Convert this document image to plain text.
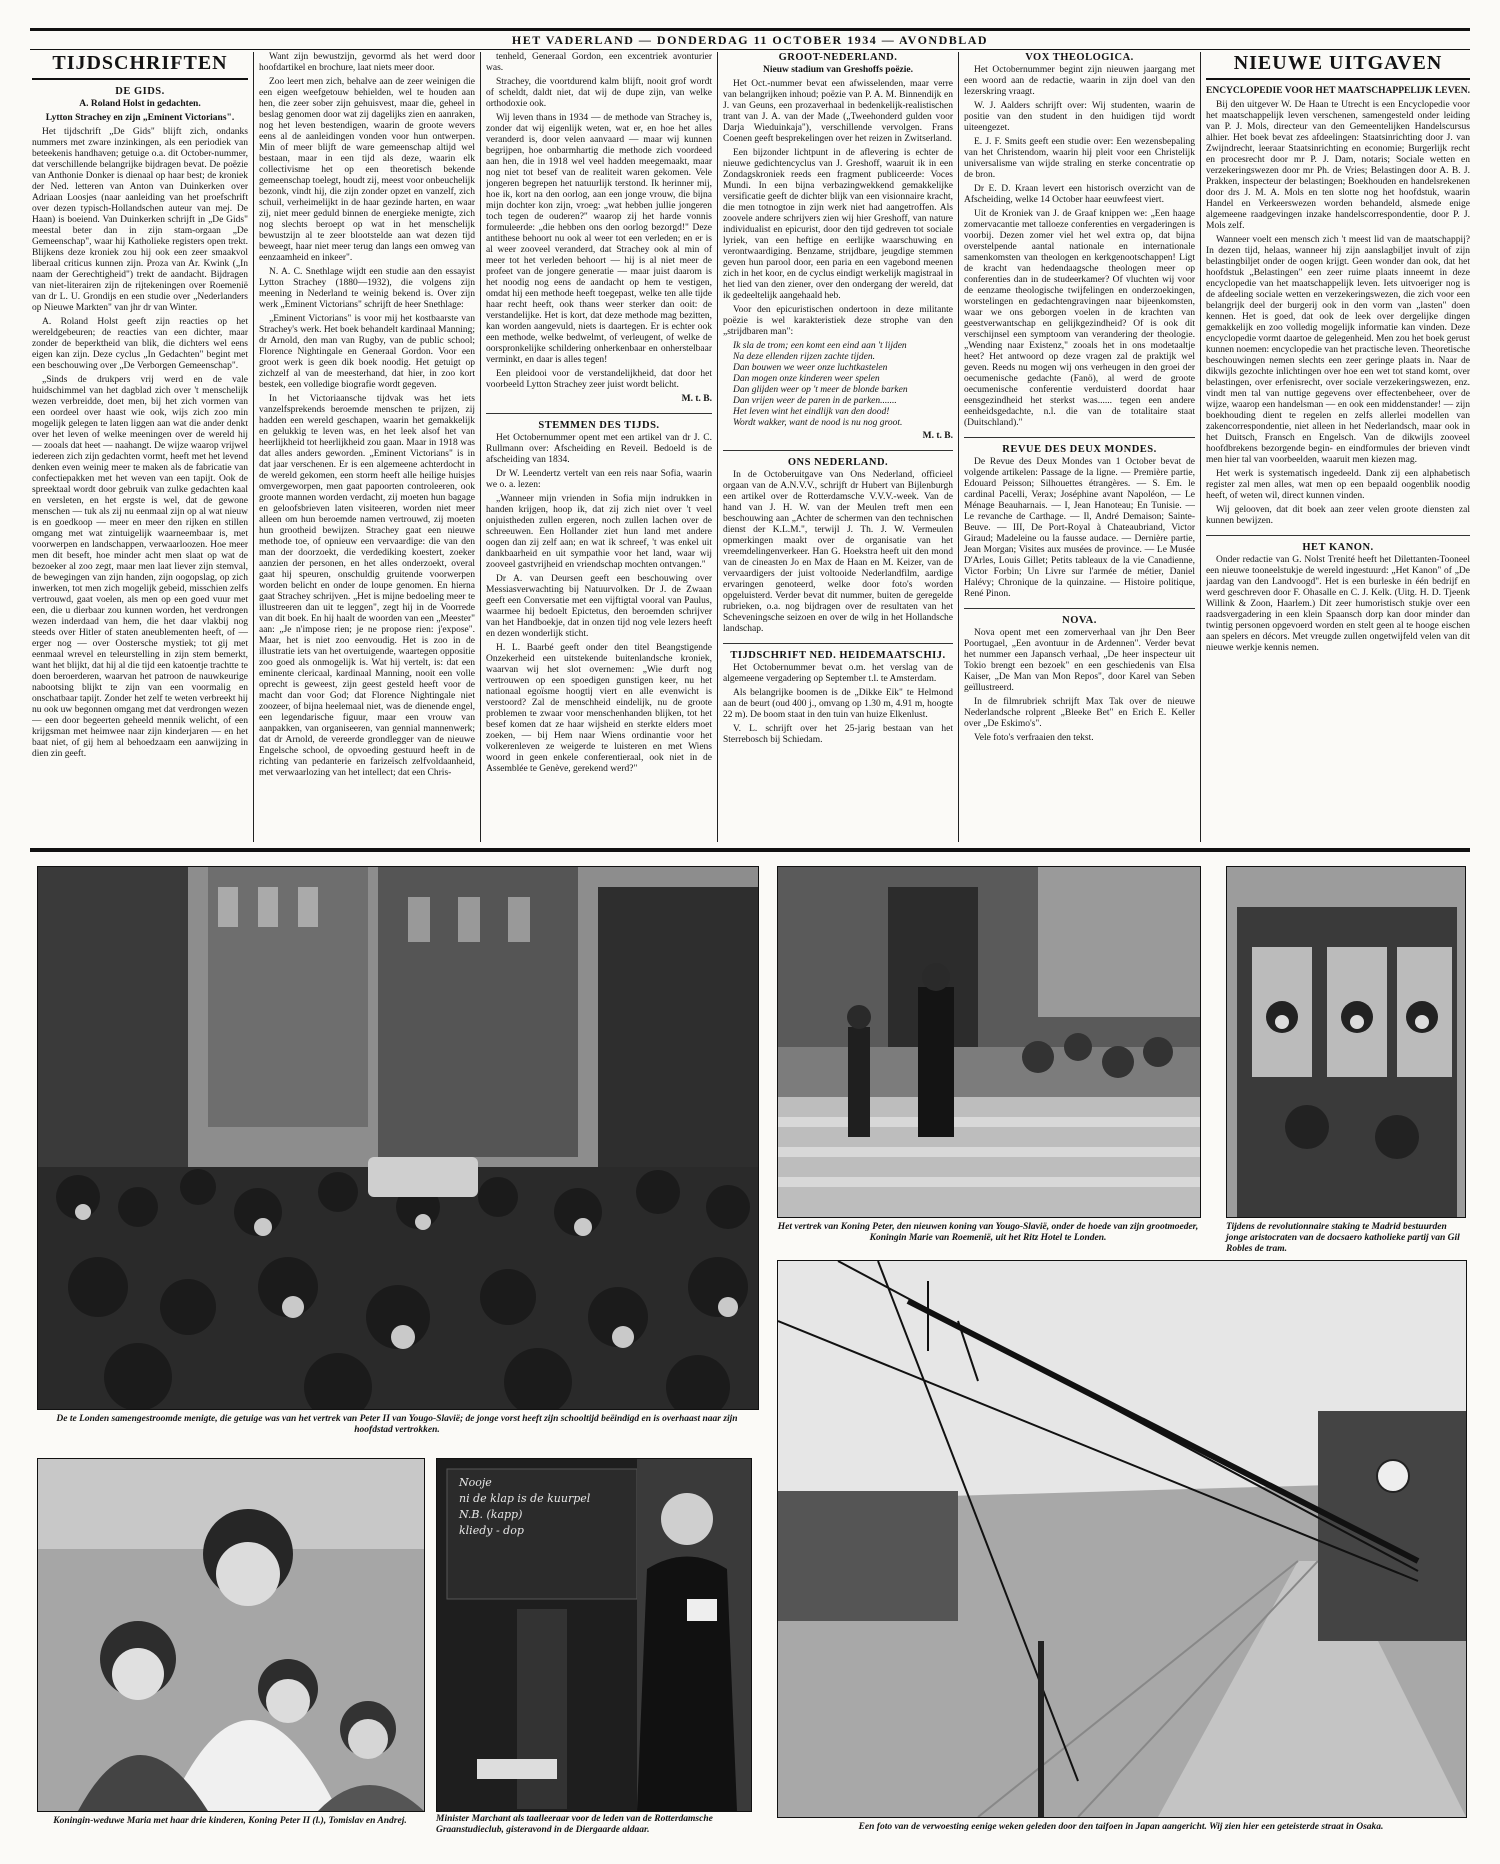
HET VADERLAND — DONDERDAG 11 OCTOBER 1934 — AVONDBLAD
TIJDSCHRIFTEN
DE GIDS.
A. Roland Holst in gedachten.
Lytton Strachey en zijn „Eminent Victorians".

Het tijdschrift „De Gids" blijft zich, ondanks nummers met zware inzinkingen, als een periodiek van beteekenis handhaven; getuige o.a. dit October-nummer, dat verschillende belangrijke bijdragen bevat. De poëzie van Anthonie Donker is dienaal op haar best; de kroniek der Ned. letteren van Anton van Duinkerken over Adriaan Loosjes (naar aanleiding van het proefschrift over dezen typisch-Hollandschen auteur van mej. De Haan) is boeiend. Van Duinkerken schrijft in „De Gids" meestal beter dan in zijn stam-orgaan „De Gemeenschap", waar hij Katholieke registers open trekt. Blijkens deze kroniek zou hij ook een zeer smaakvol liberaal criticus kunnen zijn. Proza van Ar. Kwink („In naam der Gerechtigheid") trekt de aandacht. Bijdragen van niet-literairen zijn de rijtekeningen over Roemenië van dr L. U. Grondijs en een studie over „Nederlanders op Nieuwe Markten" van jhr dr van Winter.

A. Roland Holst geeft zijn reacties op het wereldgebeuren; de reacties van een dichter, maar zonder de beperktheid van blik, die dichters wel eens eigen kan zijn. Deze cyclus „In Gedachten" begint met een beschouwing over „De Verborgen Gemeenschap".

„Sinds de drukpers vrij werd en de vale huidschimmel van het dagblad zich over 't menschelijk wezen verbreidde, doet men, bij het zich vormen van een oordeel over haast wie ook, wijs zich zoo min mogelijk gelegen te laten liggen aan wat die ander denkt over het leven of welke meeningen over de wereld hij — zooals dat heet — naahangt. De wijze waarop vrijwel iedereen zich zijn gedachten vormt, heeft met het levend denken even weinig meer te maken als de fabricatie van confectiepakken met het weven van een tapijt. Ook de spreektaal wordt door gebruik van zulke gedachten kaal en versleten, en het ergste is wel, dat de gewone menschen — tuk als zij nu eenmaal zijn op al wat nieuw is en goedkoop — meer en meer den rijken en stillen omgang met wat zintuigelijk waarneembaar is, met voorwerpen en landschappen, verwaarloozen. Hoe meer men dit beseft, hoe minder acht men slaat op wat de bezoeker al zoo zegt, maar men laat liever zijn stemval, de bewegingen van zijn handen, zijn oogopslag, op zich inwerken, tot men zich mogelijk gebeid, misschien zelfs vertrouwd, gaat voelen, als men op een goed vuur met een, die u dierbaar zou kunnen worden, het verdrongen wezen inderdaad van hem, die het daar vlakbij nog steeds over Hitler of staten aneublementen heeft, of — erger nog — over Oostersche mystiek; tot gij met eenmaal wrevel en teleurstelling in zijn stem bemerkt, want het blijkt, dat hij al die tijd een katoentje trachtte te doen beroerderen, waarvan het patroon de nauwkeurige nabootsing blijkt te zijn van een voormalig en onschatbaar tapijt. Zonder het zelf te weten verbreekt hij nu ook uw begonnen omgang met dat verdrongen wezen — een door begeerten geheeld mennik welicht, of een krijgsman met heimwee naar zijn kinderjaren — en het baat niet, of gij hem al behoedzaam een aanwijzing in dien zin geeft.

Want zijn bewustzijn, gevormd als het werd door hoofdartikel en brochure, laat niets meer door.

Zoo leert men zich, behalve aan de zeer weinigen die een eigen weefgetouw behielden, wel te houden aan hen, die zeer sober zijn gehuisvest, maar die, geheel in beslag genomen door wat zij dagelijks zien en aanraken, nog het leven bestendigen, waarin de groote wevers eens al de aanleidingen vonden voor hun ontwerpen. Min of meer blijft de ware gemeenschap altijd wel bestaan, maar in een tijd als deze, waarin elk collectivisme het op een theoretisch bekende gemeenschap toelegt, houdt zij, meest voor onbeuchelijk bezonk, vindt hij, die zijn zonder opzet en vanzelf, zich schuil, verheimelijkt in de haar gezinde harten, en waar zij, niet meer geduld binnen de energieke menigte, zich nog slechts beroept op wat in het menschelijk bewustzijn al te zeer blootstelde aan wat dezen tijd beweegt, haar niet meer terug dan langs een omweg van eenzaamheid en inkeer".

N. A. C. Snethlage wijdt een studie aan den essayist Lytton Strachey (1880—1932), die volgens zijn meening in Nederland te weinig bekend is. Over zijn werk „Eminent Victorians" schrijft de heer Snethlage:

„Eminent Victorians" is voor mij het kostbaarste van Strachey's werk. Het boek behandelt kardinaal Manning; dr Arnold, den man van Rugby, van de public school; Florence Nightingale en Generaal Gordon. Voor een groot werk is geen dik boek noodig. Het getuigt op zichzelf al van de meesterhand, dat hier, in zoo kort bestek, een volledige biografie wordt gegeven.

In het Victoriaansche tijdvak was het iets vanzelfsprekends beroemde menschen te prijzen, zij hadden een wereld geschapen, waarin het gemakkelijk en gelukkig te leven was, en het leek alsof het van heerlijkheid tot heerlijkheid zou gaan. Maar in 1918 was dat alles anders geworden. „Eminent Victorians" is in dat jaar verschenen. Er is een algemeene achterdocht in de wereld gekomen, een storm heeft alle heilige huisjes omvergeworpen, men gaat papoorten controleeren, ook groote mannen worden verdacht, zij moeten hun bagage en geloofsbrieven laten visiteeren, worden niet meer alleen om hun beroemde namen vertrouwd, zij moeten hun grootheid bewijzen. Strachey gaat een nieuwe methode toe, of opnieuw een vervaardige: die van den man der doorzoekt, die verdediking koestert, zoeker aanzien der personen, en het alles onderzoekt, overal gaat hij speuren, onschuldig gruitende voorwerpen worden belicht en onder de loupe genomen. En hierna gaat Strachey schrijven. „Het is mijne bedoeling meer te illustreeren dan uit te leggen", zegt hij in de Voorrede van dit boek. En hij haalt de woorden van een „Meester" aan: „Je n'impose rien; je ne propose rien: j'expose". Maar, het is niet zoo eenvoudig. Het is zoo in de illustratie iets van het overtuigende, waartegen oppositie zoo goed als onmogelijk is. Wat hij vertelt, is: dat een eminente clericaal, kardinaal Manning, nooit een volle oprecht is geweest, zijn geest gesteld heeft voor de macht dan voor God; dat Florence Nightingale niet zoozeer, of bijna heelemaal niet, was de dienende engel, een legendarische figuur, maar een vrouw van aanpakken, van organiseeren, van gennial mannenwerk; dat dr Arnold, de vereerde grondlegger van de nieuwe Engelsche school, de opvoeding gestuurd heeft in de richting van pedanterie en farizeïsch zelfvoldaanheid, met verwaarlozing van het intellect; dat een Chris-

tenheld, Generaal Gordon, een excentriek avonturier was.

Strachey, die voortdurend kalm blijft, nooit grof wordt of scheldt, daldt niet, dat wij de dupe zijn, van welke orthodoxie ook.

Wij leven thans in 1934 — de methode van Strachey is, zonder dat wij eigenlijk weten, wat er, en hoe het alles veranderd is, door velen aanvaard — maar wij kunnen begrijpen, hoe onbarmhartig die methode zich voordeed aan hen, die in 1918 wel veel hadden meegemaakt, maar nog niet tot besef van de realiteit waren gekomen. Vele jongeren begrepen het natuurlijk terstond. Ik herinner mij, hoe ik, kort na den oorlog, aan een jonge vrouw, die bijna mijn dochter kon zijn, vroeg: „wat hebben jullie jongeren toch tegen de ouderen?" waarop zij het harde vonnis formuleerde: „die hebben ons den oorlog bezorgd!" Deze antithese behoort nu ook al weer tot een verleden; en er is al weer zooveel veranderd, dat Strachey ook al min of meer tot het verleden behoort — hij is al niet meer de profeet van de jongere generatie — maar juist daarom is het noodig nog eens de aandacht op hem te vestigen, omdat hij een methode heeft toegepast, welke ten alle tijde haar recht heeft, ook thans weer sterker dan ooit: de verstandelijke. Het is kort, dat deze methode mag bezitten, kan worden aangevuld, niets is daartegen. Er is echter ook een methode, welke bedwelmt, of verleugent, of welke de oorspronkelijke schildering onherkenbaar en onherstelbaar verminkt, en daar is alles tegen!

Een pleidooi voor de verstandelijkheid, dat door het voorbeeld Lytton Strachey zeer juist wordt belicht.

M. t. B.
STEMMEN DES TIJDS.

Het Octobernummer opent met een artikel van dr J. C. Rullmann over: Afscheiding en Reveil. Bedoeld is de afscheiding van 1834.

Dr W. Leendertz vertelt van een reis naar Sofia, waarin we o. a. lezen:

„Wanneer mijn vrienden in Sofia mijn indrukken in handen krijgen, hoop ik, dat zij zich niet over 't veel onjuistheden zullen ergeren, noch zullen lachen over de schreeuwen. Een Hollander ziet hun land met andere oogen dan zij zelf aan; en wat ik schreef, 't was enkel uit dankbaarheid en uit sympathie voor het land, waar wij zooveel gastvrijheid en vriendschap mochten ontvangen."

Dr A. van Deursen geeft een beschouwing over Messiasverwachting bij Natuurvolken. Dr J. de Zwaan geeft een Conversatie met een vijftigtal vooral van Paulus, waarmee hij bedoelt Epictetus, den beroemden schrijver van het Handboekje, dat in onzen tijd nog vele lezers heeft en dezen wonderlijk sticht.

H. L. Baarbé geeft onder den titel Beangstigende Onzekerheid een uitstekende buitenlandsche kroniek, waarvan wij het slot overnemen: „Wie durft nog vertrouwen op een spoedigen gunstigen keer, nu het nationaal egoïsme hoogtij viert en alle evenwicht is verstoord? Zal de menschheid eindelijk, nu de groote problemen te zwaar voor menschenhanden blijken, tot het besef komen dat ze haar wijsheid en sterkte elders moet zoeken, — bij Hem naar Wiens ordinantie voor het volkerenleven ze weigerde te luisteren en met Wiens woord in geen enkele conferentieraal, ook niet in de Assemblée te Genève, gerekend werd?"

GROOT-NEDERLAND.
Nieuw stadium van Greshoffs poëzie.

Het Oct.-nummer bevat een afwisselenden, maar verre van belangrijken inhoud; poëzie van P. A. M. Binnendijk en J. van Geuns, een prozaverhaal in bedenkelijk-realistischen trant van J. A. van der Made („Tweehonderd gulden voor Darja Wieduinkaja"), verschillende vervolgen. Frans Coenen geeft besprekelingen over het reizen in Zwitserland.

Een bijzonder lichtpunt in de aflevering is echter de nieuwe gedichtencyclus van J. Greshoff, waaruit ik in een Zondagskroniek reeds een fragment publiceerde: Voces Mundi. In een bijna verbazingwekkend gemakkelijke versificatie geeft de dichter blijk van een visionnaire kracht, die men totnogtoe in zijn werk niet had aangetroffen. Als zoovele andere schrijvers zien wij hier Greshoff, van nature individualist en epicurist, door den tijd gedreven tot sociale lyriek, van een heftige en eerlijke waarschuwing en verontwaardiging. Benzame, strijdbare, jeugdige stemmen geven hun parool door, een paria en een vagebond meenen zich in het koor, en de cyclus eindigt werkelijk magistraal in het lied van den ziener, over den ondergang der wereld, dat ik gedeeltelijk aangehaald heb.

Voor den epicuristischen ondertoon in deze militante poëzie is wel karakteristiek deze strophe van den „strijdbaren man":

Ik sla de trom; een komt een eind aan 't lijden

Na deze ellenden rijzen zachte tijden.

Dan bouwen we weer onze luchtkastelen

Dan mogen onze kinderen weer spelen

Dan glijden weer op 't meer de blonde barken

Dan vrijen weer de paren in de parken.......

Het leven wint het eindlijk van den dood!

Wordt wakker, want de nood is nu nog groot.

M. t. B.
ONS NEDERLAND.

In de Octoberuitgave van Ons Nederland, officieel orgaan van de A.N.V.V., schrijft dr Hubert van Bijlenburgh een artikel over de Rotterdamsche V.V.V.-week. Van de hand van J. H. W. van der Meulen treft men een beschouwing aan „Achter de schermen van den technischen dienst der K.L.M.", terwijl J. Th. J. W. Vermeulen opmerkingen maakt over de organisatie van het vreemdelingenverkeer. Han G. Hoekstra heeft uit den mond van de cineasten Jo en Max de Haan en M. Keizer, van de vervaardigers der juist voltooide Nederlandfilm, aardige ervaringen genoteerd, welke door foto's worden opgeluisterd. Verder bevat dit nummer, buiten de geregelde rubrieken, o.a. nog bijdragen over de resultaten van het Scheveningsche seizoen en over de wilg in het Hollandsche landschap.

TIJDSCHRIFT NED. HEIDEMAATSCHIJ.

Het Octobernummer bevat o.m. het verslag van de algemeene vergadering op September t.l. te Amsterdam.

Als belangrijke boomen is de „Dikke Eik" te Helmond aan de beurt (oud 400 j., omvang op 1.30 m, 4.91 m, hoogte 22 m). De boom staat in den tuin van huize Elkenlust.

V. L. schrijft over het 25-jarig bestaan van het Sterrebosch bij Schiedam.

VOX THEOLOGICA.

Het Octobernummer begint zijn nieuwen jaargang met een woord aan de redactie, waarin in zijn doel van den lezerskring vraagt.

W. J. Aalders schrijft over: Wij studenten, waarin de positie van den student in den huidigen tijd wordt uiteengezet.

E. J. F. Smits geeft een studie over: Een wezensbepaling van het Christendom, waarin hij pleit voor een Christelijk universalisme van wijde straling en sterke concentratie op de bron.

Dr E. D. Kraan levert een historisch overzicht van de Afscheiding, welke 14 October haar eeuwfeest viert.

Uit de Kroniek van J. de Graaf knippen we: „Een haage zomervacantie met talloeze conferenties en vergaderingen is voorbij. Dezen zomer viel het wel extra op, dat bijna overstelpende aantal nationale en internationale samenkomsten van theologen en kerkgenootschappen! Ligt de kracht van hedendaagsche theologen meer op conferenties dan in de studeerkamer? Of vluchten wij voor de eenzame theologische twijfelingen en onderzoekingen, worstelingen en gedachtengravingen naar bijeenkomsten, waar we ons geborgen voelen in de krachten van geestverwantschap en gelijkgezindheid? Of is ook dit verschijnsel een symptoom van verandering der theologie. „Wending naar Existenz," zooals het in ons modetaaltje heet? Het antwoord op deze vragen zal de praktijk wel geven. Reeds nu mogen wij ons verheugen in den groei der oecumenische gedachte (Fanö), al werd de groote oecumenische conferentie verduisterd doordat haar eensgezindheid het sterkst was...... tegen een andere eenheidsgedachte, n.l. die van de totalitaire staat (Duitschland)."

REVUE DES DEUX MONDES.

De Revue des Deux Mondes van 1 October bevat de volgende artikelen: Passage de la ligne. — Première partie, Edouard Peisson; Silhouettes étrangères. — S. Em. le cardinal Pacelli, Verax; Joséphine avant Napoléon, — Le Ménage Beauharnais. — I, Jean Hanoteau; En Tunisie. — Le revanche de Carthage. — Il, André Demaison; Sainte-Beuve. — III, De Port-Royal à Chateaubriand, Victor Giraud; Madeleine ou la fausse audace. — Dernière partie, Jean Morgan; Visites aux musées de province. — Le Musée D'Arles, Louis Gillet; Petits tableaux de la vie Canadienne, Victor Forbin; Un Livre sur l'armée de métier, Daniel Halévy; Chronique de la quinzaine. — Histoire politique, René Pinon.

NOVA.

Nova opent met een zomerverhaal van jhr Den Beer Poortugael, „Een avontuur in de Ardennen". Verder bevat het nummer een Japansch verhaal, „De heer inspecteur uit Tokio brengt een bezoek" en een geschiedenis van Elsa Kaiser, „De Man van Mon Repos", door Karel van Seben geïllustreerd.

In de filmrubriek schrijft Max Tak over de nieuwe Nederlandsche rolprent „Bleeke Bet" en Erich E. Keller over „De Eskimo's".

Vele foto's verfraaien den tekst.

NIEUWE UITGAVEN
ENCYCLOPEDIE VOOR HET MAATSCHAPPELIJK LEVEN.

Bij den uitgever W. De Haan te Utrecht is een Encyclopedie voor het maatschappelijk leven verschenen, samengesteld onder leiding van P. J. Mols, directeur van den Gemeentelijken Handelscursus alhier. Het boek bevat zes afdeelingen: Staatsinrichting door J. van Zwijndrecht, leeraar Staatsinrichting en economie; Burgerlijk recht en procesrecht door mr P. J. Dam, notaris; Sociale wetten en verzekeringswezen door mr Ph. de Vries; Belastingen door A. B. J. Prakken, inspecteur der belastingen; Boekhouden en handelsrekenen door drs J. M. A. Mols en ten slotte nog het hoofdstuk, waarin Handel en Verkeerswezen worden behandeld, alsmede enige algemeene raadgevingen inzake handelscorrespondentie, door P. J. Mols zelf.

Wanneer voelt een mensch zich 't meest lid van de maatschappij? In dezen tijd, helaas, wanneer hij zijn aanslagbiljet invult of zijn belastingbiljet onder de oogen krijgt. Geen wonder dan ook, dat het hoofdstuk „Belastingen" een zeer ruime plaats inneemt in deze encyclopedie van het maatschappelijk leven. Iets uitvoeriger nog is de afdeeling sociale wetten en verzekeringswezen, die zich voor een belangrijk deel der burgerij ook in den vorm van „lasten" doen kennen. Het is goed, dat ook de leek over dergelijke dingen gemakkelijk en zoo volledig mogelijk informatie kan vinden. Deze encyclopedie vormt daartoe de gelegenheid. Men zou het boek gerust kunnen noemen: encyclopedie van het practische leven. Theoretische beschouwingen nemen slechts een zeer geringe plaats in. Naar de dikwijls gezochte inlichtingen over hoe een wet tot stand komt, over belastingen, over erfenisrecht, over sociale verzekeringswezen, enz. vindt men tal van nuttige gegevens over effectenbeheer, over de wijze, waarop een handelsman — en ook een middenstander! — zijn boekhouding dient te regelen en zelfs allerlei modellen van zakencorrespondentie, niet alleen in het Nederlandsch, maar ook in het Duitsch, Fransch en Engelsch. Van de dikwijls zooveel hoofdbrekens bezorgende begin- en eindformules der brieven vindt men hier tal van voorbeelden, waaruit men kiezen mag.

Het werk is systematisch ingedeeld. Dank zij een alphabetisch register zal men alles, wat men op een bepaald oogenblik noodig heeft, of weten wil, direct kunnen vinden.

Wij gelooven, dat dit boek aan zeer velen groote diensten zal kunnen bewijzen.

HET KANON.

Onder redactie van G. Nolst Trenité heeft het Dilettanten-Tooneel een nieuwe tooneelstukje de wereld ingestuurd: „Het Kanon" of „De jaardag van den Landvoogd". Het is een burleske in één bedrijf en werd geschreven door F. Ohasalle en C. J. Kelk. (Uitg. H. D. Tjeenk Willink & Zoon, Haarlem.) Dit zeer humoristisch stukje over een raadsvergadering in een klein Spaansch dorp kan door minder dan twintig personen opgevoerd worden en stelt geen al te hooge eischen aan spelers en décors. Met vreugde zullen ongetwijfeld velen van dit nieuwe werkje kennis nemen.

De te Londen samengestroomde menigte, die getuige was van het vertrek van Peter II van Yougo-Slavië; de jonge vorst heeft zijn schooltijd beëindigd en is overhaast naar zijn hoofdstad vertrokken.
Het vertrek van Koning Peter, den nieuwen koning van Yougo-Slavië, onder de hoede van zijn grootmoeder, Koningin Marie van Roemenië, uit het Ritz Hotel te Londen.
Tijdens de revolutionnaire staking te Madrid bestuurden jonge aristocraten van de docsaero katholieke partij van Gil Robles de tram.
Koningin-weduwe Maria met haar drie kinderen, Koning Peter II (l.), Tomislav en Andrej.
Nooje
ni de klap is de kuurpel
N.B. (kapp)
kliedy - dop
Minister Marchant als taalleeraar voor de leden van de Rotterdamsche Graanstudieclub, gisteravond in de Diergaarde aldaar.	Een foto van de verwoesting eenige weken geleden door den taifoen in Japan aangericht. Wij zien hier een geteisterde straat in Osaka.
